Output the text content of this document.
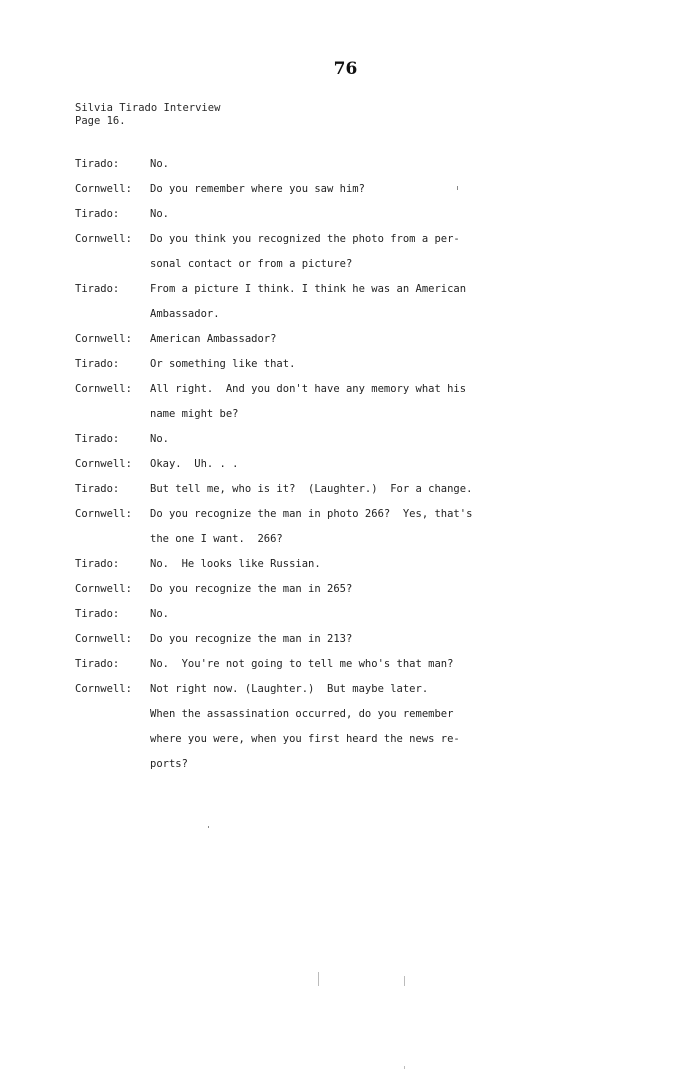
76
Silvia Tirado Interview
Page 16.
Tirado:	No.
Cornwell: Do you remember where you saw him?
Tirado:	No.
Cornwell: Do you think you recognized the photo from a per-
sonal contact or from a picture?
Tirado:	From a picture I think. I think he was an American
Ambassador.
Cornwell: American Ambassador?
Tirado:	Or something like that.
Cornwell: All right.  And you don't have any memory what his
name might be?
Tirado:	No.
Cornwell: Okay.  Uh. . .
Tirado:	But tell me, who is it?  (Laughter.)  For a change.
Cornwell: Do you recognize the man in photo 266?  Yes, that's
the one I want.  266?
Tirado:	No.  He looks like Russian.
Cornwell: Do you recognize the man in 265?
Tirado:	No.
Cornwell: Do you recognize the man in 213?
Tirado:	No.  You're not going to tell me who's that man?
Cornwell: Not right now. (Laughter.)  But maybe later.
When the assassination occurred, do you remember
where you were, when you first heard the news re-
ports?
